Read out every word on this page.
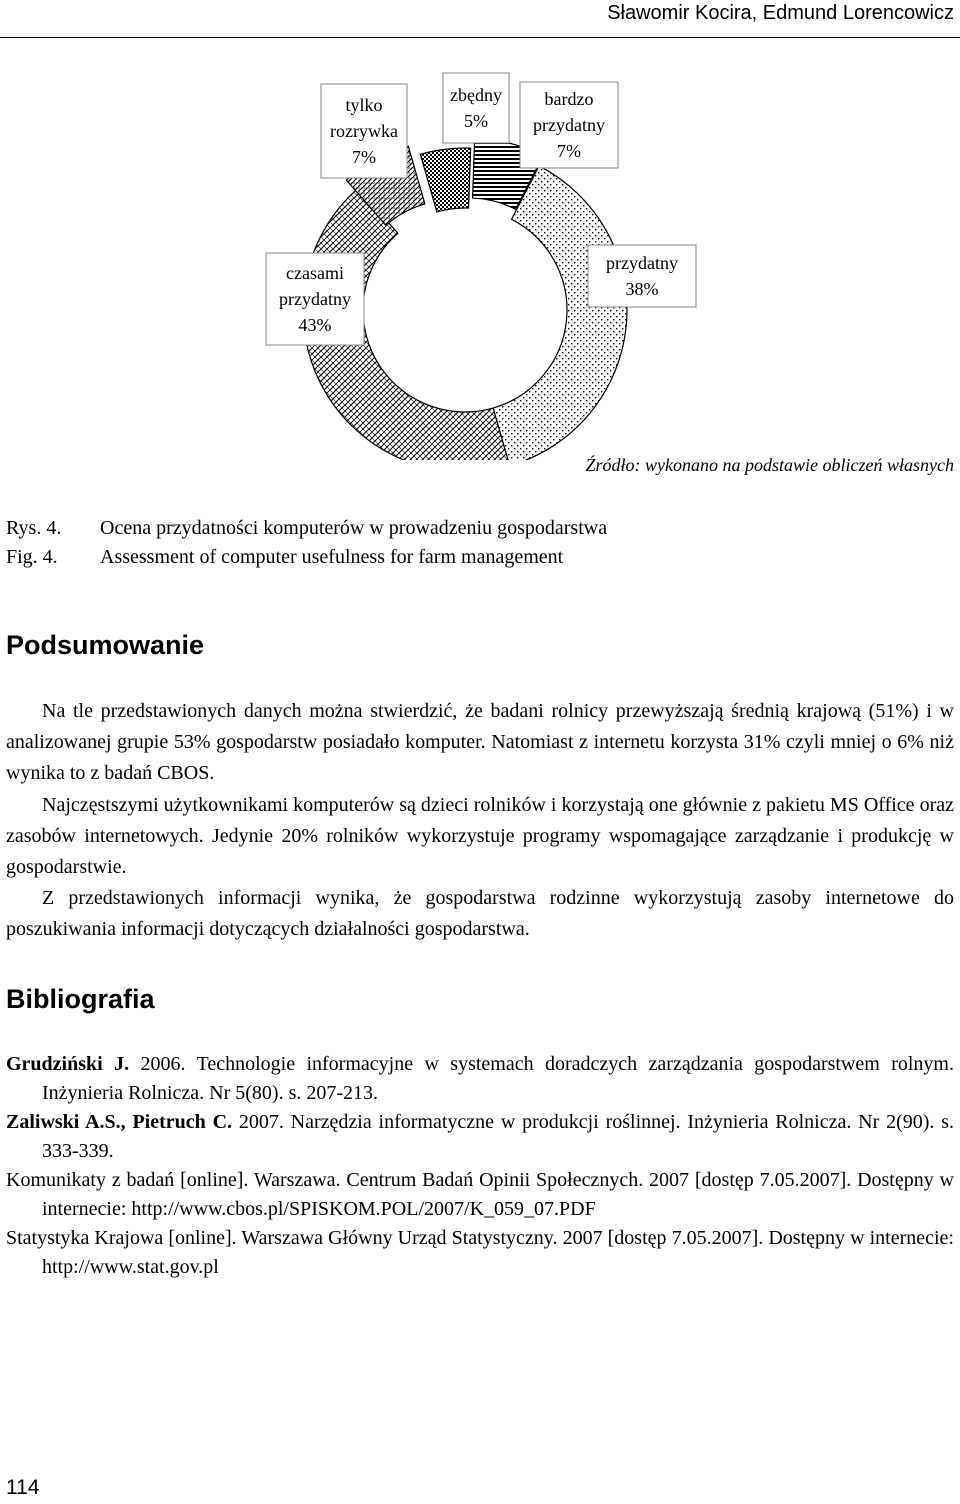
Sławomir Kocira, Edmund Lorencowicz
zbędny
5%
bardzo
przydatny
7%
przydatny
38%
czasami
przydatny
43%
tylko
rozrywka
7%
Źródło: wykonano na podstawie obliczeń własnych
Rys. 4. Ocena przydatności komputerów w prowadzeniu gospodarstwa
Fig. 4. Assessment of computer usefulness for farm management
Podsumowanie

Na tle przedstawionych danych można stwierdzić, że badani rolnicy przewyższają średnią krajową (51%) i w analizowanej grupie 53% gospodarstw posiadało komputer. Natomiast z internetu korzysta 31% czyli mniej o 6% niż wynika to z badań CBOS.

Najczęstszymi użytkownikami komputerów są dzieci rolników i korzystają one głównie z pakietu MS Office oraz zasobów internetowych. Jedynie 20% rolników wykorzystuje programy wspomagające zarządzanie i produkcję w gospodarstwie.

Z przedstawionych informacji wynika, że gospodarstwa rodzinne wykorzystują zasoby internetowe do poszukiwania informacji dotyczących działalności gospodarstwa.

Bibliografia

Grudziński J. 2006. Technologie informacyjne w systemach doradczych zarządzania gospodarstwem rolnym. Inżynieria Rolnicza. Nr 5(80). s. 207-213.

Zaliwski A.S., Pietruch C. 2007. Narzędzia informatyczne w produkcji roślinnej. Inżynieria Rolnicza. Nr 2(90). s. 333-339.

Komunikaty z badań [online]. Warszawa. Centrum Badań Opinii Społecznych. 2007 [dostęp 7.05.2007]. Dostępny w internecie: http://www.cbos.pl/SPISKOM.POL/2007/K_059_07.PDF

Statystyka Krajowa [online]. Warszawa Główny Urząd Statystyczny. 2007 [dostęp 7.05.2007]. Dostępny w internecie: http://www.stat.gov.pl

114
